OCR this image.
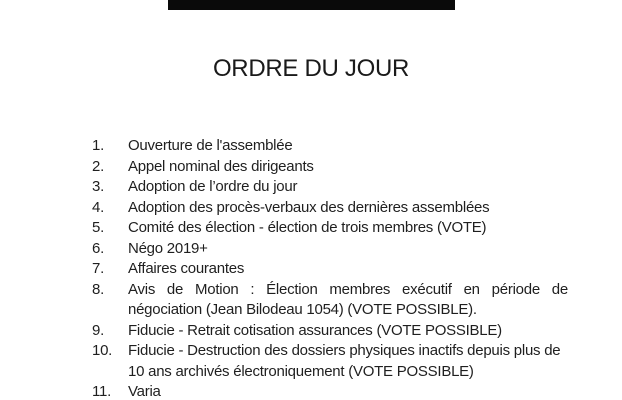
ORDRE DU JOUR
1.	Ouverture de l'assemblée
2.	Appel nominal des dirigeants
3.	Adoption de l’ordre du jour
4.	Adoption des procès-verbaux des dernières assemblées
5.	Comité des élection - élection de trois membres (VOTE)
6.	Négo 2019+
7.	Affaires courantes
8.	Avis de Motion : Élection membres exécutif en période de
négociation (Jean Bilodeau 1054) (VOTE POSSIBLE).
9.	Fiducie - Retrait cotisation assurances (VOTE POSSIBLE)
10.	Fiducie - Destruction des dossiers physiques inactifs depuis plus de
10 ans archivés électroniquement (VOTE POSSIBLE)
11.	Varia
